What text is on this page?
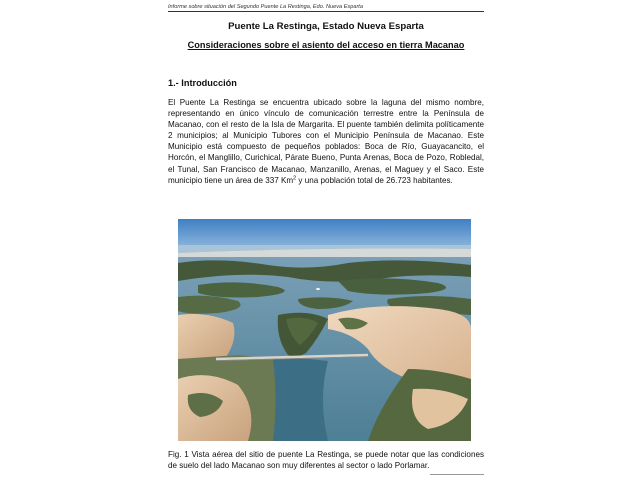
Informe sobre situación del Segundo Puente La Restinga, Edo. Nueva Esparta
Puente La Restinga, Estado Nueva Esparta
Consideraciones sobre el asiento del acceso en tierra Macanao
1.- Introducción
El Puente La Restinga se encuentra ubicado sobre la laguna del mismo nombre, representando en único vínculo de comunicación terrestre entre la Península de Macanao, con el resto de la Isla de Margarita. El puente también delimita políticamente 2 municipios; al Municipio Tubores con el Municipio Península de Macanao. Este Municipio está compuesto de pequeños poblados: Boca de Río, Guayacancito, el Horcón, el Manglillo, Curichical, Párate Bueno, Punta Arenas, Boca de Pozo, Robledal, el Tunal, San Francisco de Macanao, Manzanillo, Arenas, el Maguey y el Saco. Este municipio tiene un área de 337 Km$^2$ y una población total de 26.723 habitantes.
Fig. 1 Vista aérea del sitio de puente La Restinga, se puede notar que las condiciones de suelo del lado Macanao son muy diferentes al sector o lado Porlamar.
